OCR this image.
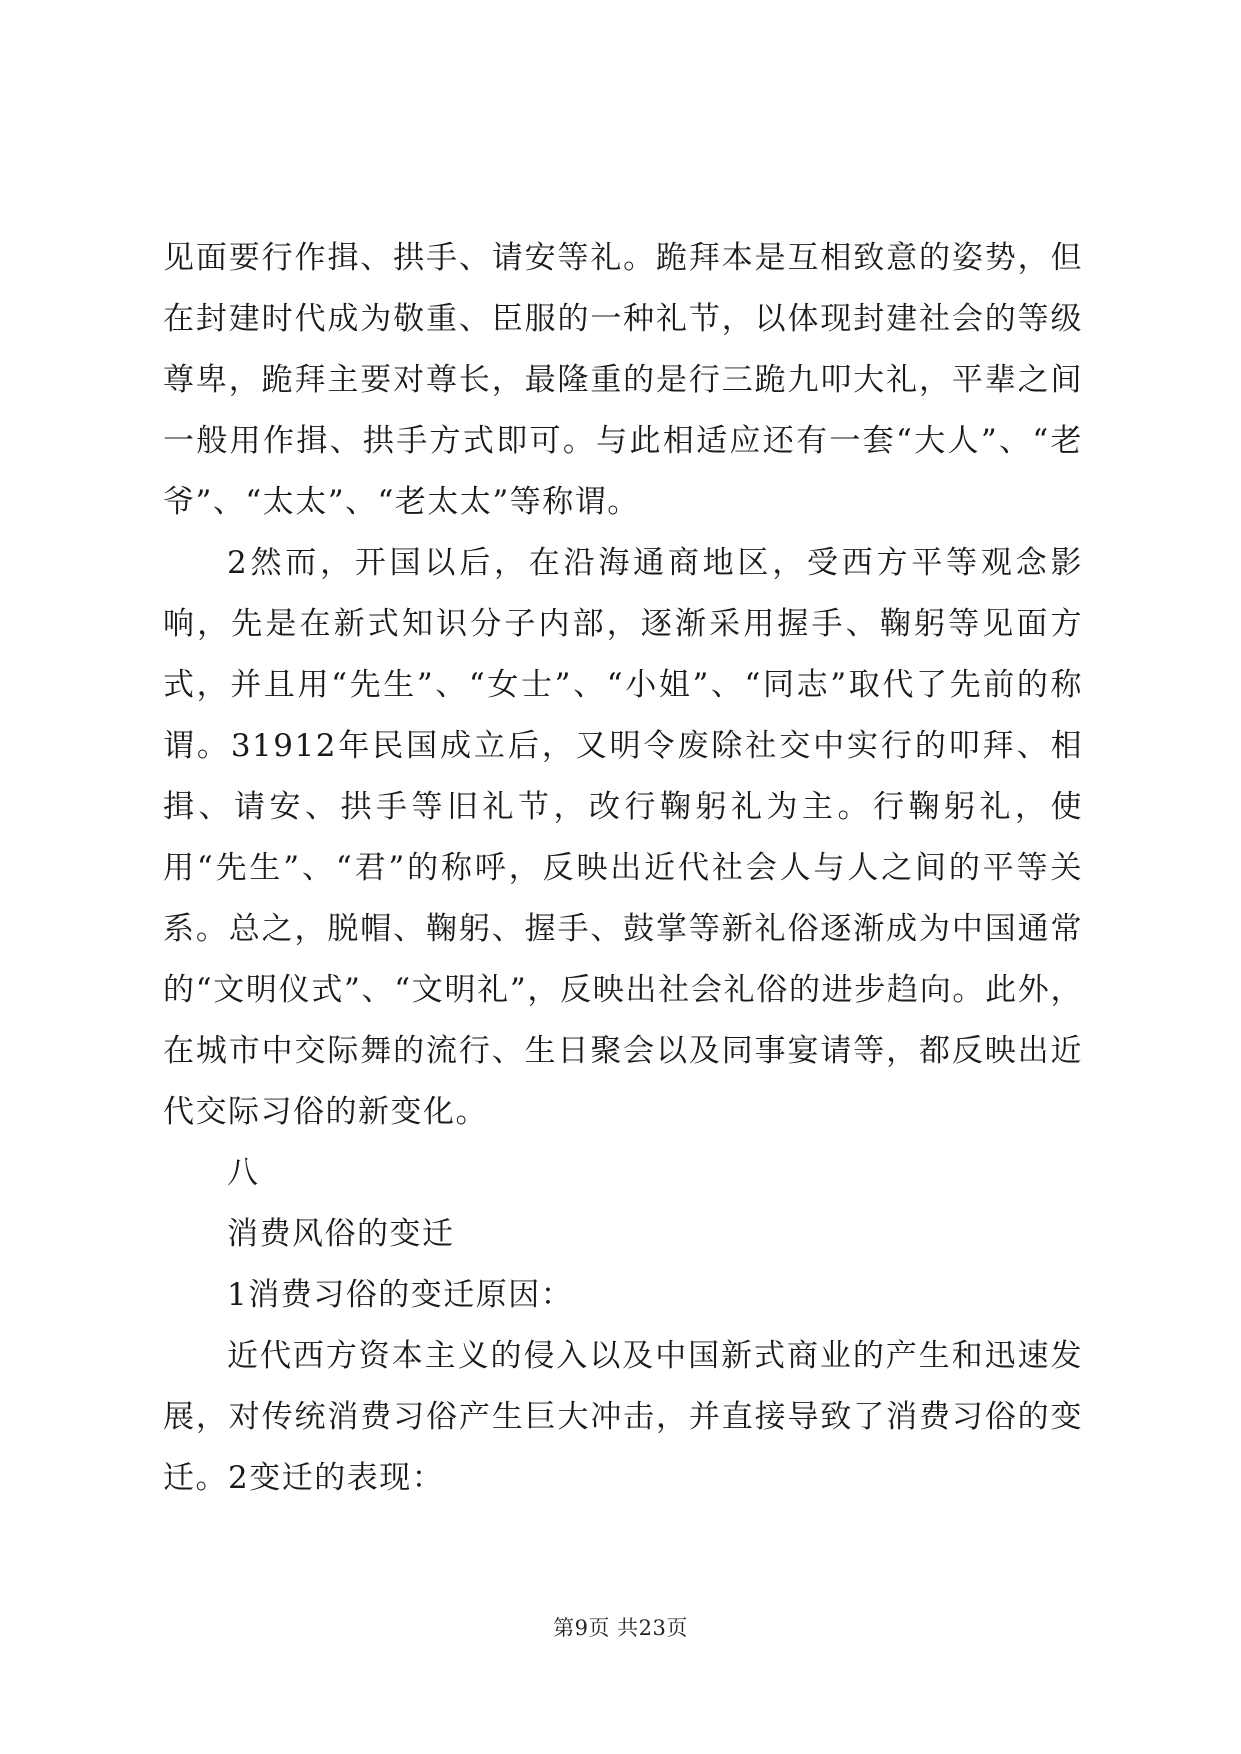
见面要行作揖、拱手、请安等礼。跪拜本是互相致意的姿势，但在封建时代成为敬重、臣服的一种礼节，以体现封建社会的等级尊卑，跪拜主要对尊长，最隆重的是行三跪九叩大礼，平辈之间一般用作揖、拱手方式即可。与此相适应还有一套“大人”、“老爷”、“太太”、“老太太”等称谓。

2然而，开国以后，在沿海通商地区，受西方平等观念影响，先是在新式知识分子内部，逐渐采用握手、鞠躬等见面方式，并且用“先生”、“女士”、“小姐”、“同志”取代了先前的称谓。31912年民国成立后，又明令废除社交中实行的叩拜、相揖、请安、拱手等旧礼节，改行鞠躬礼为主。行鞠躬礼，使用“先生”、“君”的称呼，反映出近代社会人与人之间的平等关系。总之，脱帽、鞠躬、握手、鼓掌等新礼俗逐渐成为中国通常的“文明仪式”、“文明礼”，反映出社会礼俗的进步趋向。此外，在城市中交际舞的流行、生日聚会以及同事宴请等，都反映出近代交际习俗的新变化。

八

消费风俗的变迁

1消费习俗的变迁原因：

近代西方资本主义的侵入以及中国新式商业的产生和迅速发展，对传统消费习俗产生巨大冲击，并直接导致了消费习俗的变迁。2变迁的表现：

第9页 共23页
